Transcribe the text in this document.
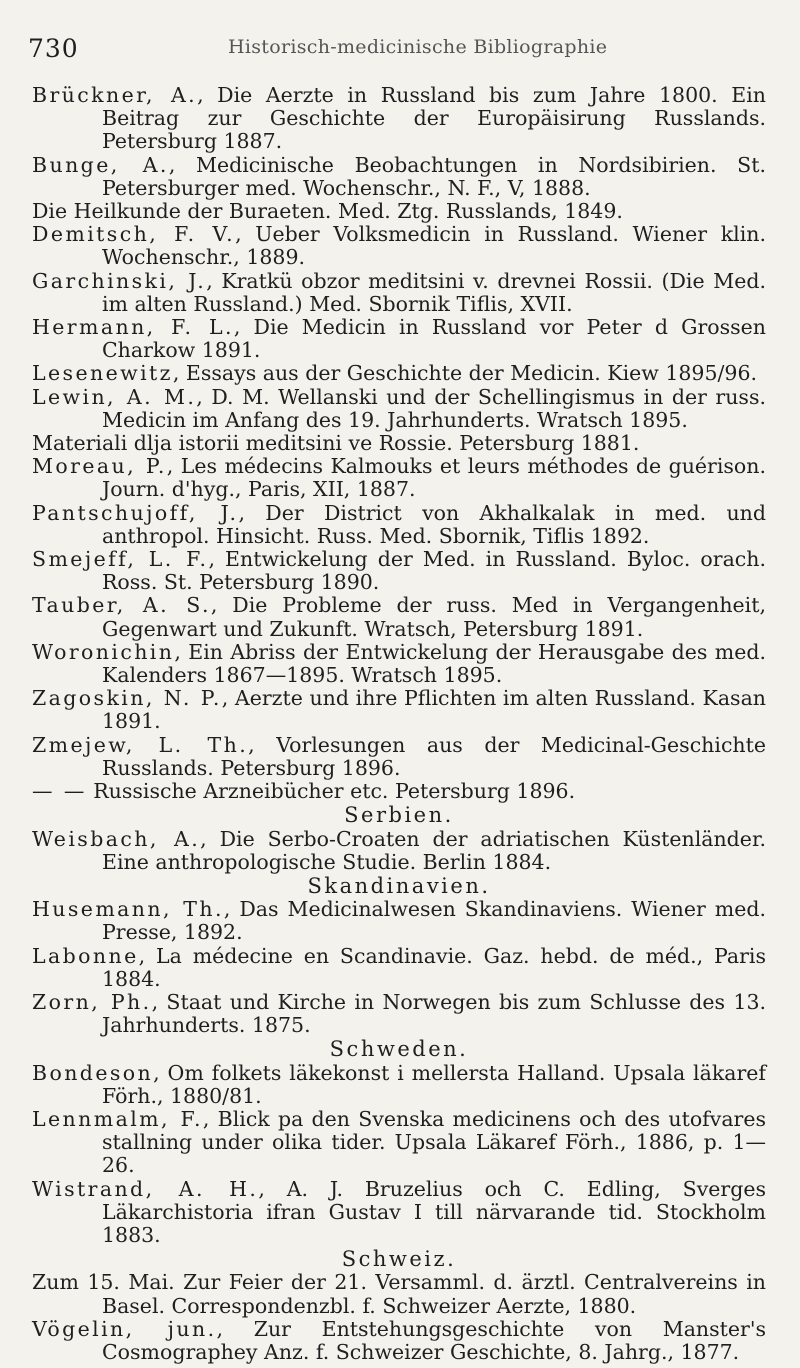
730	Historisch-medicinische Bibliographie

Brückner, A., Die Aerzte in Russland bis zum Jahre 1800. Ein Beitrag zur Geschichte der Europäisirung Russlands. Petersburg 1887.

Bunge, A., Medicinische Beobachtungen in Nordsibirien. St. Petersburger med. Wochenschr., N. F., V, 1888.

Die Heilkunde der Buraeten. Med. Ztg. Russlands, 1849.

Demitsch, F. V., Ueber Volksmedicin in Russland. Wiener klin. Wochenschr., 1889.

Garchinski, J., Kratkü obzor meditsini v. drevnei Rossii. (Die Med. im alten Russland.) Med. Sbornik Tiflis, XVII.

Hermann, F. L., Die Medicin in Russland vor Peter d Grossen Charkow 1891.

Lesenewitz, Essays aus der Geschichte der Medicin. Kiew 1895/96.

Lewin, A. M., D. M. Wellanski und der Schellingismus in der russ. Medicin im Anfang des 19. Jahrhunderts. Wratsch 1895.

Materiali dlja istorii meditsini ve Rossie. Petersburg 1881.

Moreau, P., Les médecins Kalmouks et leurs méthodes de guérison. Journ. d'hyg., Paris, XII, 1887.

Pantschujoff, J., Der District von Akhalkalak in med. und anthropol. Hinsicht. Russ. Med. Sbornik, Tiflis 1892.

Smejeff, L. F., Entwickelung der Med. in Russland. Byloc. orach. Ross. St. Petersburg 1890.

Tauber, A. S., Die Probleme der russ. Med in Vergangenheit, Gegenwart und Zukunft. Wratsch, Petersburg 1891.

Woronichin, Ein Abriss der Entwickelung der Herausgabe des med. Kalenders 1867—1895. Wratsch 1895.

Zagoskin, N. P., Aerzte und ihre Pflichten im alten Russland. Kasan 1891.

Zmejew, L. Th., Vorlesungen aus der Medicinal-Geschichte Russlands. Petersburg 1896.

— — Russische Arzneibücher etc. Petersburg 1896.

Serbien.

Weisbach, A., Die Serbo-Croaten der adriatischen Küstenländer. Eine anthropologische Studie. Berlin 1884.

Skandinavien.

Husemann, Th., Das Medicinalwesen Skandinaviens. Wiener med. Presse, 1892.

Labonne, La médecine en Scandinavie. Gaz. hebd. de méd., Paris 1884.

Zorn, Ph., Staat und Kirche in Norwegen bis zum Schlusse des 13. Jahrhunderts. 1875.

Schweden.

Bondeson, Om folkets läkekonst i mellersta Halland. Upsala läkaref Förh., 1880/81.

Lennmalm, F., Blick pa den Svenska medicinens och des utofvares stallning under olika tider. Upsala Läkaref Förh., 1886, p. 1—26.

Wistrand, A. H., A. J. Bruzelius och C. Edling, Sverges Läkarchistoria ifran Gustav I till närvarande tid. Stockholm 1883.

Schweiz.

Zum 15. Mai. Zur Feier der 21. Versamml. d. ärztl. Centralvereins in Basel. Correspondenzbl. f. Schweizer Aerzte, 1880.

Vögelin, jun., Zur Entstehungsgeschichte von Manster's Cosmographey Anz. f. Schweizer Geschichte, 8. Jahrg., 1877.
